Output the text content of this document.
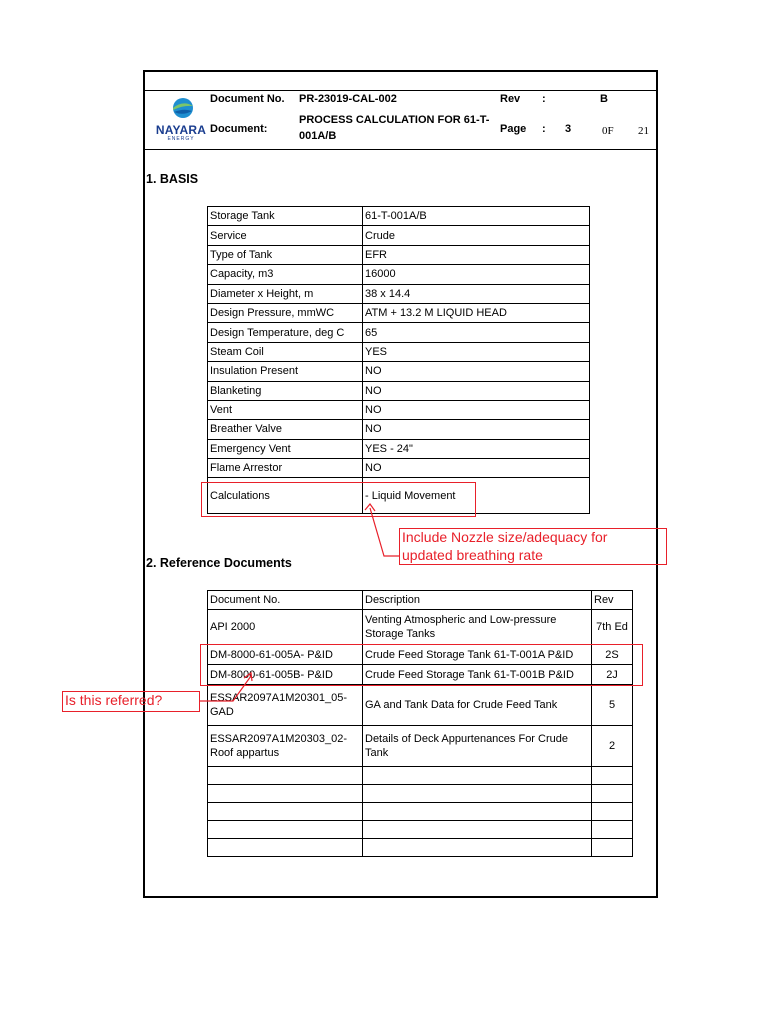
NAYARA
ENERGY
Document No. PR-23019-CAL-002	Rev :	B
Document:
PROCESS CALCULATION FOR 61-T-
001A/B
Page : 3	0F 21
1. BASIS
2. Reference Documents
Storage Tank	61-T-001A/B
Service	Crude
Type of Tank	EFR
Capacity, m3	16000
Diameter x Height, m	38 x 14.4
Design Pressure, mmWC	ATM + 13.2 M LIQUID HEAD
Design Temperature, deg C	65
Steam Coil	YES
Insulation Present	NO
Blanketing	NO
Vent	NO
Breather Valve	NO
Emergency Vent	YES - 24"
Flame Arrestor	NO
Calculations	- Liquid Movement
Document No.	Description	Rev
API 2000	Venting Atmospheric and Low-pressure Storage Tanks	7th Ed
DM-8000-61-005A- P&ID	Crude Feed Storage Tank 61-T-001A P&ID	2S
DM-8000-61-005B- P&ID	Crude Feed Storage Tank 61-T-001B P&ID	2J
ESSAR2097A1M20301_05-GAD	GA and Tank Data for Crude Feed Tank	5
ESSAR2097A1M20303_02-Roof appartus	Details of Deck Appurtenances For Crude Tank	2

Include Nozzle size/adequacy for
updated breathing rate
Is this referred?
